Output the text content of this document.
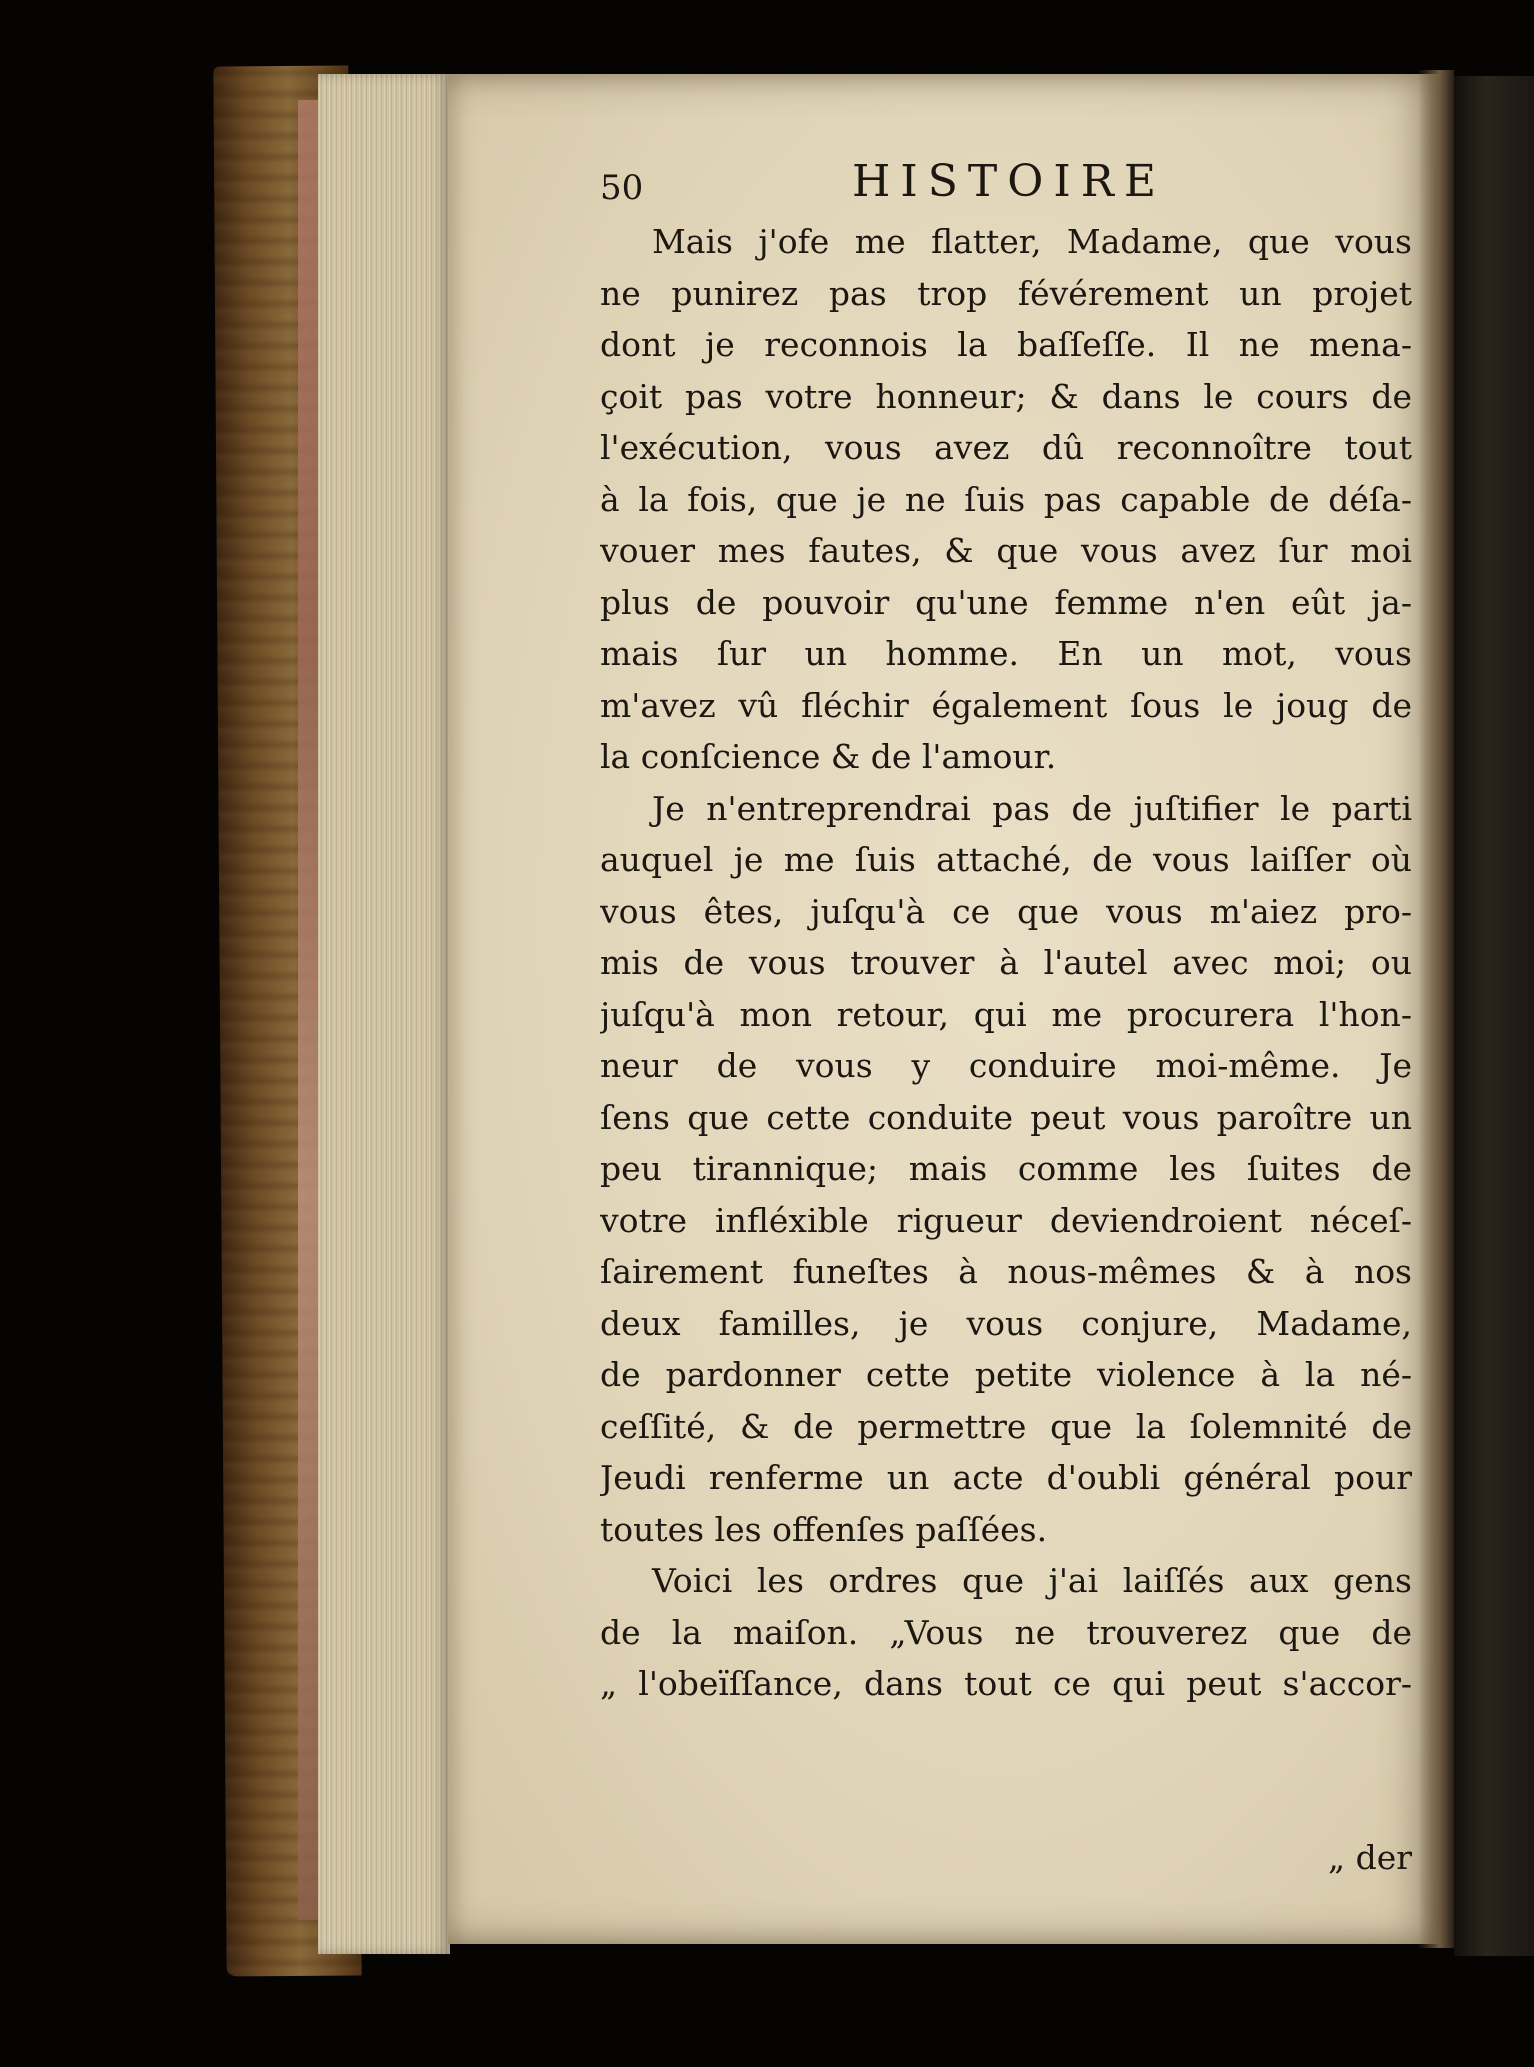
50	HISTOIRE
Mais j'ofe me flatter, Madame, que vous
ne punirez pas trop févérement un projet
dont je reconnois la baſſeſſe. Il ne mena-
çoit pas votre honneur; & dans le cours de
l'exécution, vous avez dû reconnoître tout
à la fois, que je ne ſuis pas capable de déſa-
vouer mes fautes, & que vous avez ſur moi
plus de pouvoir qu'une femme n'en eût ja-
mais ſur un homme. En un mot, vous
m'avez vû fléchir également ſous le joug de
la conſcience & de l'amour.
Je n'entreprendrai pas de juſtifier le parti
auquel je me ſuis attaché, de vous laiſſer où
vous êtes, juſqu'à ce que vous m'aiez pro-
mis de vous trouver à l'autel avec moi; ou
juſqu'à mon retour, qui me procurera l'hon-
neur de vous y conduire moi-même. Je
ſens que cette conduite peut vous paroître un
peu tirannique; mais comme les ſuites de
votre infléxible rigueur deviendroient néceſ-
ſairement funeſtes à nous-mêmes & à nos
deux familles, je vous conjure, Madame,
de pardonner cette petite violence à la né-
ceſſité, & de permettre que la ſolemnité de
Jeudi renferme un acte d'oubli général pour
toutes les offenſes paſſées.
Voici les ordres que j'ai laiſſés aux gens
de la maiſon. „Vous ne trouverez que de
„ l'obeïſſance, dans tout ce qui peut s'accor-
„ der
